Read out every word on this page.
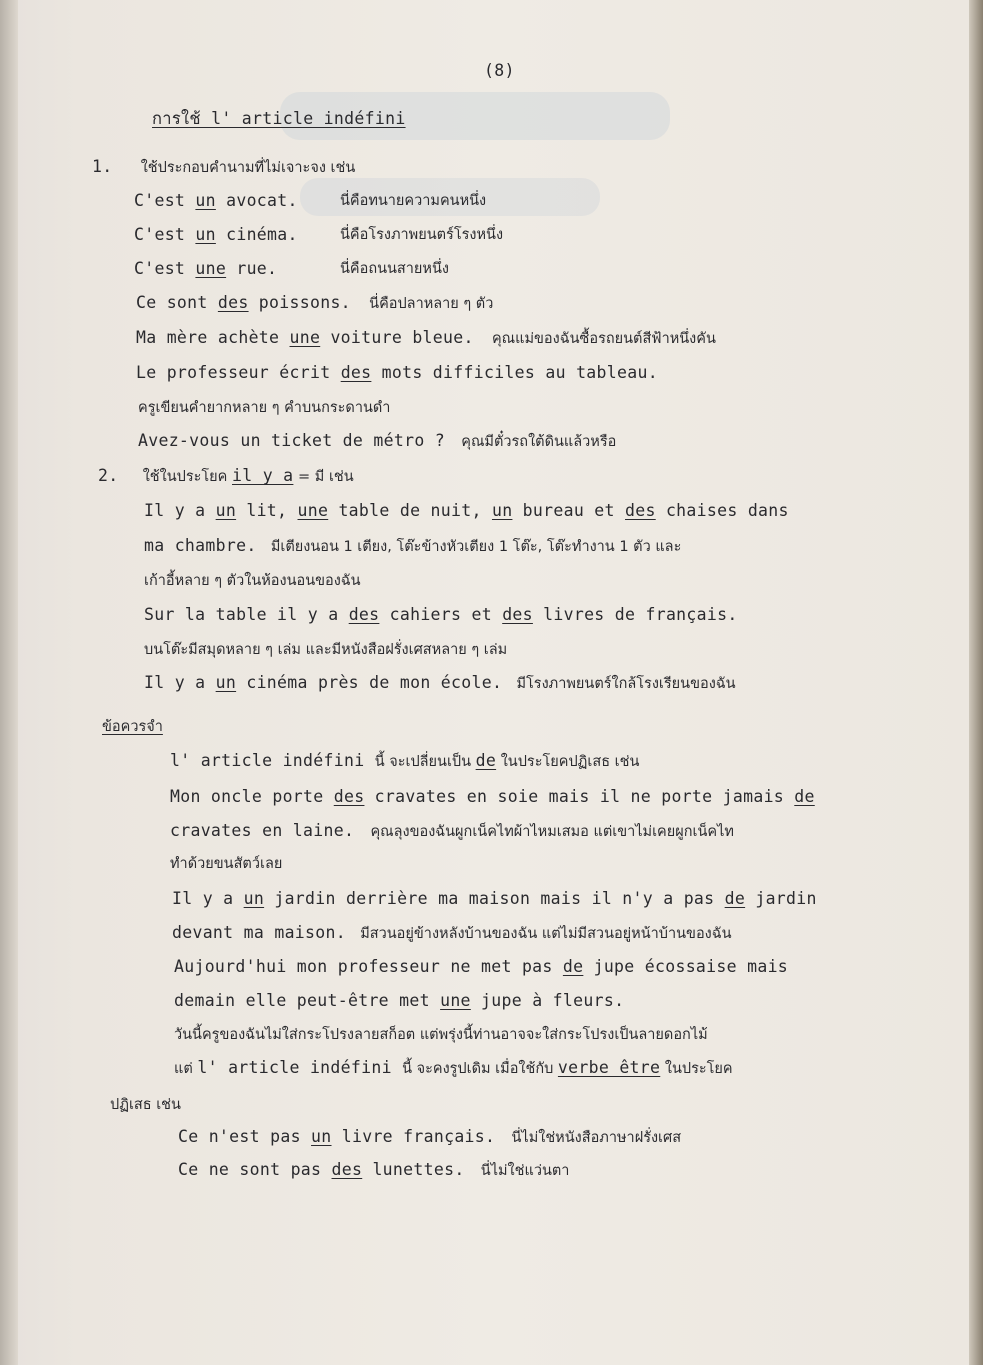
(8)
การใช้ l' article indéfini
1. ใช้ประกอบคำนามที่ไม่เจาะจง เช่น
C'est un avocat.	นี่คือทนายความคนหนึ่ง
C'est un cinéma.	นี่คือโรงภาพยนตร์โรงหนึ่ง
C'est une rue.	นี่คือถนนสายหนึ่ง
Ce sont des poissons. นี่คือปลาหลาย ๆ ตัว
Ma mère achète une voiture bleue. คุณแม่ของฉันซื้อรถยนต์สีฟ้าหนึ่งคัน
Le professeur écrit des mots difficiles au tableau.
ครูเขียนคำยากหลาย ๆ คำบนกระดานดำ
Avez-vous un ticket de métro ? คุณมีตั๋วรถใต้ดินแล้วหรือ
2. ใช้ในประโยค il y a = มี เช่น
Il y a un lit, une table de nuit, un bureau et des chaises dans
ma chambre. มีเตียงนอน 1 เตียง, โต๊ะข้างหัวเตียง 1 โต๊ะ, โต๊ะทำงาน 1 ตัว และ
เก้าอี้หลาย ๆ ตัวในห้องนอนของฉัน
Sur la table il y a des cahiers et des livres de français.
บนโต๊ะมีสมุดหลาย ๆ เล่ม และมีหนังสือฝรั่งเศสหลาย ๆ เล่ม
Il y a un cinéma près de mon école. มีโรงภาพยนตร์ใกล้โรงเรียนของฉัน
ข้อควรจำ
l' article indéfini นี้ จะเปลี่ยนเป็น de ในประโยคปฏิเสธ เช่น
Mon oncle porte des cravates en soie mais il ne porte jamais de
cravates en laine. คุณลุงของฉันผูกเน็คไทผ้าไหมเสมอ แต่เขาไม่เคยผูกเน็คไท
ทำด้วยขนสัตว์เลย
Il y a un jardin derrière ma maison mais il n'y a pas de jardin
devant ma maison. มีสวนอยู่ข้างหลังบ้านของฉัน แต่ไม่มีสวนอยู่หน้าบ้านของฉัน
Aujourd'hui mon professeur ne met pas de jupe écossaise mais
demain elle peut-être met une jupe à fleurs.
วันนี้ครูของฉันไม่ใส่กระโปรงลายสก็อต แต่พรุ่งนี้ท่านอาจจะใส่กระโปรงเป็นลายดอกไม้
แต่ l' article indéfini นี้ จะคงรูปเดิม เมื่อใช้กับ verbe être ในประโยค
ปฏิเสธ เช่น
Ce n'est pas un livre français. นี่ไม่ใช่หนังสือภาษาฝรั่งเศส
Ce ne sont pas des lunettes. นี่ไม่ใช่แว่นตา
